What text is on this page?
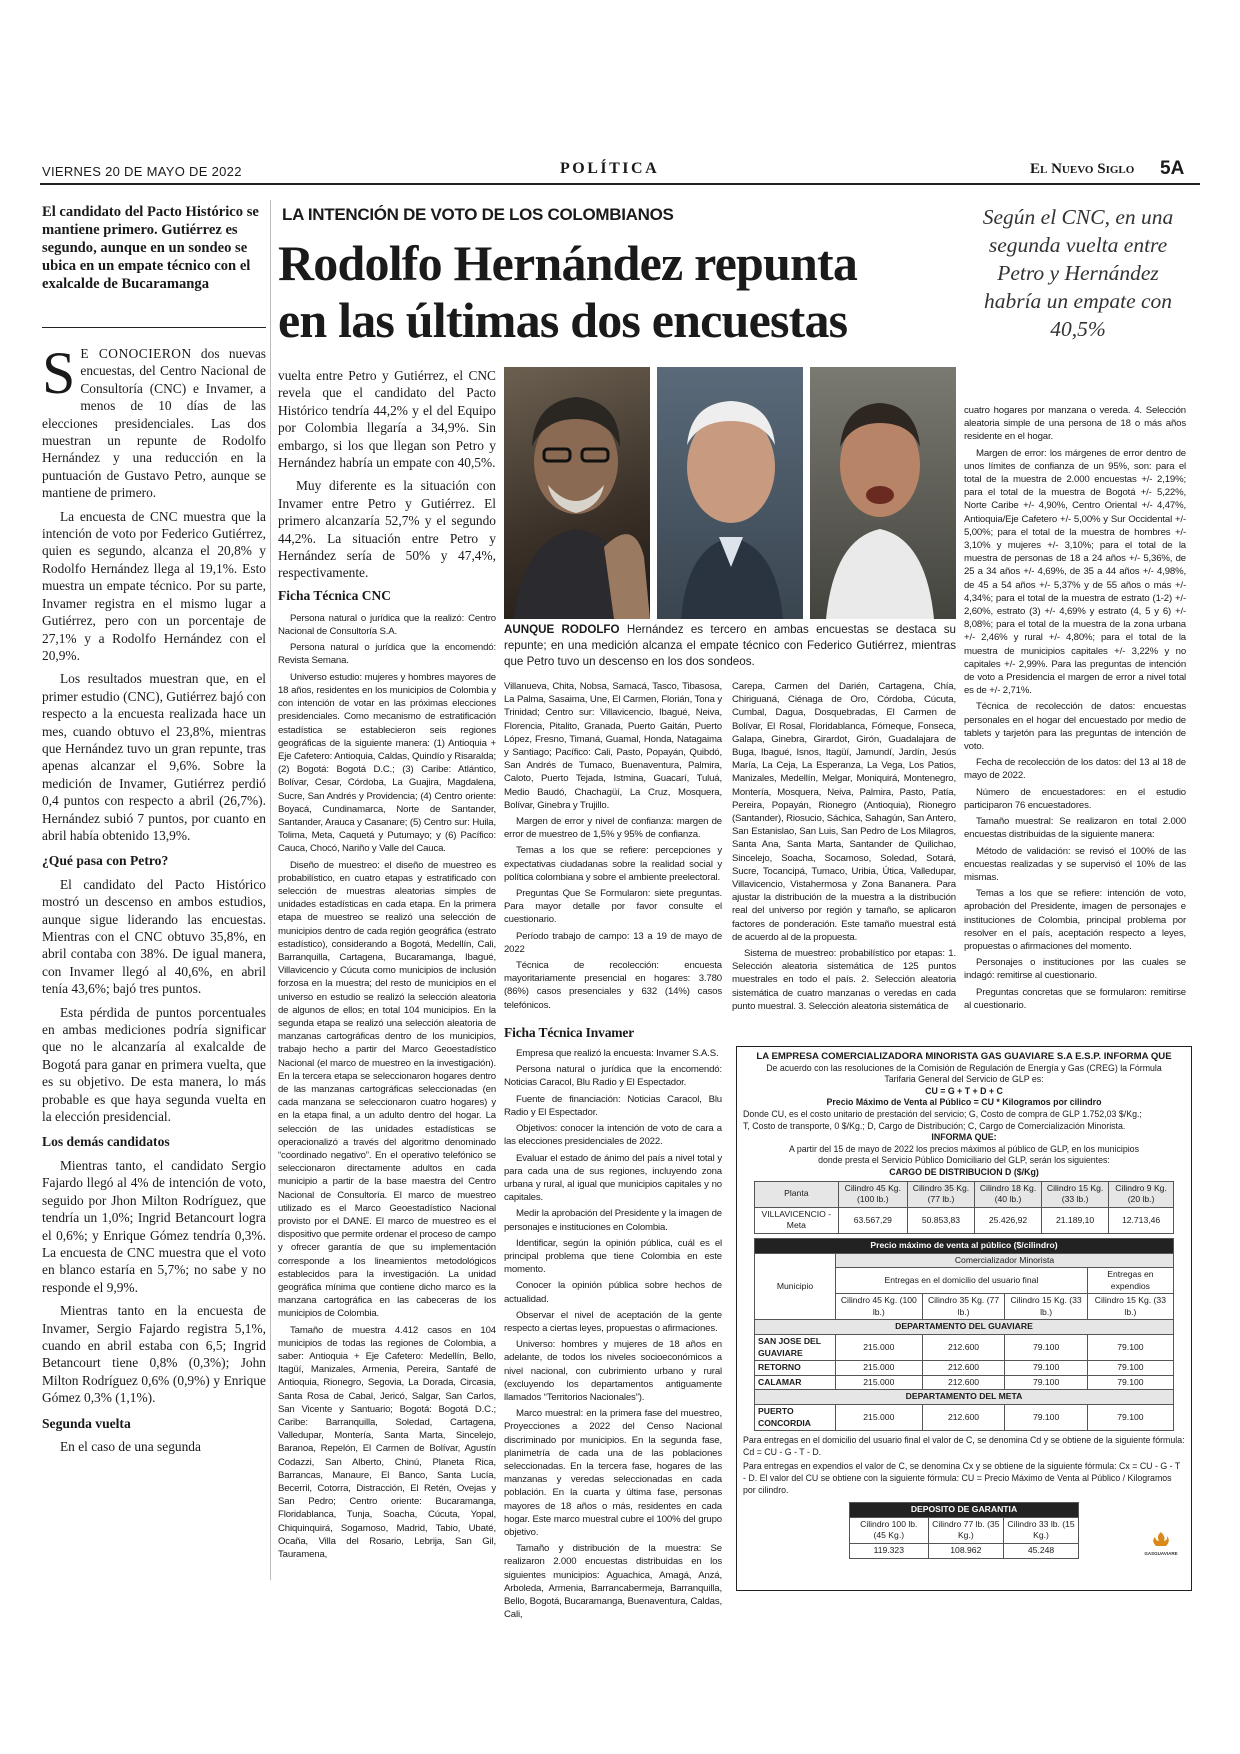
VIERNES 20 DE MAYO DE 2022	POLÍTICA	El Nuevo Siglo 5A
El candidato del Pacto Histórico se mantiene primero. Gutiérrez es segundo, aunque en un sondeo se ubica en un empate técnico con el exalcalde de Bucaramanga
LA INTENCIÓN DE VOTO DE LOS COLOMBIANOS
Rodolfo Hernández repunta
en las últimas dos encuestas
Según el CNC, en una segunda vuelta entre Petro y Hernández habría un empate con 40,5%

S E CONOCIERON dos nuevas encuestas, del Centro Nacional de Consultoría (CNC) e Invamer, a menos de 10 días de las elecciones presidenciales. Las dos muestran un repunte de Rodolfo Hernández y una reducción en la puntuación de Gustavo Petro, aunque se mantiene de primero.

La encuesta de CNC muestra que la intención de voto por Federico Gutiérrez, quien es segundo, alcanza el 20,8% y Rodolfo Hernández llega al 19,1%. Esto muestra un empate técnico. Por su parte, Invamer registra en el mismo lugar a Gutiérrez, pero con un porcentaje de 27,1% y a Rodolfo Hernández con el 20,9%.

Los resultados muestran que, en el primer estudio (CNC), Gutiérrez bajó con respecto a la encuesta realizada hace un mes, cuando obtuvo el 23,8%, mientras que Hernández tuvo un gran repunte, tras apenas alcanzar el 9,6%. Sobre la medición de Invamer, Gutiérrez perdió 0,4 puntos con respecto a abril (26,7%). Hernández subió 7 puntos, por cuanto en abril había obtenido 13,9%.

¿Qué pasa con Petro?

El candidato del Pacto Histórico mostró un descenso en ambos estudios, aunque sigue liderando las encuestas. Mientras con el CNC obtuvo 35,8%, en abril contaba con 38%. De igual manera, con Invamer llegó al 40,6%, en abril tenía 43,6%; bajó tres puntos.

Esta pérdida de puntos porcentuales en ambas mediciones podría significar que no le alcanzaría al exalcalde de Bogotá para ganar en primera vuelta, que es su objetivo. De esta manera, lo más probable es que haya segunda vuelta en la elección presidencial.

Los demás candidatos

Mientras tanto, el candidato Sergio Fajardo llegó al 4% de intención de voto, seguido por Jhon Milton Rodríguez, que tendría un 1,0%; Ingrid Betancourt logra el 0,6%; y Enrique Gómez tendría 0,3%. La encuesta de CNC muestra que el voto en blanco estaría en 5,7%; no sabe y no responde el 9,9%.

Mientras tanto en la encuesta de Invamer, Sergio Fajardo registra 5,1%, cuando en abril estaba con 6,5; Ingrid Betancourt tiene 0,8% (0,3%); John Milton Rodríguez 0,6% (0,9%) y Enrique Gómez 0,3% (1,1%).

Segunda vuelta

En el caso de una segunda

vuelta entre Petro y Gutiérrez, el CNC revela que el candidato del Pacto Histórico tendría 44,2% y el del Equipo por Colombia llegaría a 34,9%. Sin embargo, si los que llegan son Petro y Hernández habría un empate con 40,5%.

Muy diferente es la situación con Invamer entre Petro y Gutiérrez. El primero alcanzaría 52,7% y el segundo 44,2%. La situación entre Petro y Hernández sería de 50% y 47,4%, respectivamente.

Ficha Técnica CNC

Persona natural o jurídica que la realizó: Centro Nacional de Consultoría S.A.

Persona natural o jurídica que la encomendó: Revista Semana.

Universo estudio: mujeres y hombres mayores de 18 años, residentes en los municipios de Colombia y con intención de votar en las próximas elecciones presidenciales. Como mecanismo de estratificación estadística se establecieron seis regiones geográficas de la siguiente manera: (1) Antioquia + Eje Cafetero: Antioquia, Caldas, Quindío y Risaralda; (2) Bogotá: Bogotá D.C.; (3) Caribe: Atlántico, Bolívar, Cesar, Córdoba, La Guajira, Magdalena, Sucre, San Andrés y Providencia; (4) Centro oriente: Boyacá, Cundinamarca, Norte de Santander, Santander, Arauca y Casanare; (5) Centro sur: Huila, Tolima, Meta, Caquetá y Putumayo; y (6) Pacífico: Cauca, Chocó, Nariño y Valle del Cauca.

Diseño de muestreo: el diseño de muestreo es probabilístico, en cuatro etapas y estratificado con selección de muestras aleatorias simples de unidades estadísticas en cada etapa. En la primera etapa de muestreo se realizó una selección de municipios dentro de cada región geográfica (estrato estadístico), considerando a Bogotá, Medellín, Cali, Barranquilla, Cartagena, Bucaramanga, Ibagué, Villavicencio y Cúcuta como municipios de inclusión forzosa en la muestra; del resto de municipios en el universo en estudio se realizó la selección aleatoria de algunos de ellos; en total 104 municipios. En la segunda etapa se realizó una selección aleatoria de manzanas cartográficas dentro de los municipios, trabajo hecho a partir del Marco Geoestadístico Nacional (el marco de muestreo en la investigación). En la tercera etapa se seleccionaron hogares dentro de las manzanas cartográficas seleccionadas (en cada manzana se seleccionaron cuatro hogares) y en la etapa final, a un adulto dentro del hogar. La selección de las unidades estadísticas se operacionalizó a través del algoritmo denominado “coordinado negativo”. En el operativo telefónico se seleccionaron directamente adultos en cada municipio a partir de la base maestra del Centro Nacional de Consultoría. El marco de muestreo utilizado es el Marco Geoestadístico Nacional provisto por el DANE. El marco de muestreo es el dispositivo que permite ordenar el proceso de campo y ofrecer garantía de que su implementación corresponde a los lineamientos metodológicos establecidos para la investigación. La unidad geográfica mínima que contiene dicho marco es la manzana cartográfica en las cabeceras de los municipios de Colombia.

Tamaño de muestra 4.412 casos en 104 municipios de todas las regiones de Colombia, a saber: Antioquia + Eje Cafetero: Medellín, Bello, Itagüí, Manizales, Armenia, Pereira, Santafé de Antioquia, Rionegro, Segovia, La Dorada, Circasia, Santa Rosa de Cabal, Jericó, Salgar, San Carlos, San Vicente y Santuario; Bogotá: Bogotá D.C.; Caribe: Barranquilla, Soledad, Cartagena, Valledupar, Montería, Santa Marta, Sincelejo, Baranoa, Repelón, El Carmen de Bolívar, Agustín Codazzi, San Alberto, Chinú, Planeta Rica, Barrancas, Manaure, El Banco, Santa Lucía, Becerril, Cotorra, Distracción, El Retén, Ovejas y San Pedro; Centro oriente: Bucaramanga, Floridablanca, Tunja, Soacha, Cúcuta, Yopal, Chiquinquirá, Sogamoso, Madrid, Tabio, Ubaté, Ocaña, Villa del Rosario, Lebrija, San Gil, Tauramena,

AUNQUE RODOLFO Hernández es tercero en ambas encuestas se destaca su repunte; en una medición alcanza el empate técnico con Federico Gutiérrez, mientras que Petro tuvo un descenso en los dos sondeos.

Villanueva, Chita, Nobsa, Samacá, Tasco, Tibasosa, La Palma, Sasaima, Une, El Carmen, Florián, Tona y Trinidad; Centro sur: Villavicencio, Ibagué, Neiva, Florencia, Pitalito, Granada, Puerto Gaitán, Puerto López, Fresno, Timaná, Guamal, Honda, Natagaima y Santiago; Pacífico: Cali, Pasto, Popayán, Quibdó, San Andrés de Tumaco, Buenaventura, Palmira, Caloto, Puerto Tejada, Istmina, Guacarí, Tuluá, Medio Baudó, Chachagüí, La Cruz, Mosquera, Bolívar, Ginebra y Trujillo.

Margen de error y nivel de confianza: margen de error de muestreo de 1,5% y 95% de confianza.

Temas a los que se refiere: percepciones y expectativas ciudadanas sobre la realidad social y política colombiana y sobre el ambiente preelectoral.

Preguntas Que Se Formularon: siete preguntas. Para mayor detalle por favor consulte el cuestionario.

Período trabajo de campo: 13 a 19 de mayo de 2022

Técnica de recolección: encuesta mayoritariamente presencial en hogares: 3.780 (86%) casos presenciales y 632 (14%) casos telefónicos.

Ficha Técnica Invamer

Empresa que realizó la encuesta: Invamer S.A.S.

Persona natural o jurídica que la encomendó: Noticias Caracol, Blu Radio y El Espectador.

Fuente de financiación: Noticias Caracol, Blu Radio y El Espectador.

Objetivos: conocer la intención de voto de cara a las elecciones presidenciales de 2022.

Evaluar el estado de ánimo del país a nivel total y para cada una de sus regiones, incluyendo zona urbana y rural, al igual que municipios capitales y no capitales.

Medir la aprobación del Presidente y la imagen de personajes e instituciones en Colombia.

Identificar, según la opinión pública, cuál es el principal problema que tiene Colombia en este momento.

Conocer la opinión pública sobre hechos de actualidad.

Observar el nivel de aceptación de la gente respecto a ciertas leyes, propuestas o afirmaciones.

Universo: hombres y mujeres de 18 años en adelante, de todos los niveles socioeconómicos a nivel nacional, con cubrimiento urbano y rural (excluyendo los departamentos antiguamente llamados “Territorios Nacionales”).

Marco muestral: en la primera fase del muestreo, Proyecciones a 2022 del Censo Nacional discriminado por municipios. En la segunda fase, planimetría de cada una de las poblaciones seleccionadas. En la tercera fase, hogares de las manzanas y veredas seleccionadas en cada población. En la cuarta y última fase, personas mayores de 18 años o más, residentes en cada hogar. Este marco muestral cubre el 100% del grupo objetivo.

Tamaño y distribución de la muestra: Se realizaron 2.000 encuestas distribuidas en los siguientes municipios: Aguachica, Amagá, Anzá, Arboleda, Armenia, Barrancabermeja, Barranquilla, Bello, Bogotá, Bucaramanga, Buenaventura, Caldas, Cali,

Carepa, Carmen del Darién, Cartagena, Chía, Chiriguaná, Ciénaga de Oro, Córdoba, Cúcuta, Cumbal, Dagua, Dosquebradas, El Carmen de Bolívar, El Rosal, Floridablanca, Fómeque, Fonseca, Galapa, Ginebra, Girardot, Girón, Guadalajara de Buga, Ibagué, Isnos, Itagüí, Jamundí, Jardín, Jesús María, La Ceja, La Esperanza, La Vega, Los Patios, Manizales, Medellín, Melgar, Moniquirá, Montenegro, Montería, Mosquera, Neiva, Palmira, Pasto, Patía, Pereira, Popayán, Rionegro (Antioquia), Rionegro (Santander), Riosucio, Sáchica, Sahagún, San Antero, San Estanislao, San Luis, San Pedro de Los Milagros, Santa Ana, Santa Marta, Santander de Quilichao, Sincelejo, Soacha, Socamoso, Soledad, Sotará, Sucre, Tocancipá, Tumaco, Uribia, Útica, Valledupar, Villavicencio, Vistahermosa y Zona Bananera. Para ajustar la distribución de la muestra a la distribución real del universo por región y tamaño, se aplicaron factores de ponderación. Este tamaño muestral está de acuerdo al de la propuesta.

Sistema de muestreo: probabilístico por etapas: 1. Selección aleatoria sistemática de 125 puntos muestrales en todo el país. 2. Selección aleatoria sistemática de cuatro manzanas o veredas en cada punto muestral. 3. Selección aleatoria sistemática de

cuatro hogares por manzana o vereda. 4. Selección aleatoria simple de una persona de 18 o más años residente en el hogar.

Margen de error: los márgenes de error dentro de unos límites de confianza de un 95%, son: para el total de la muestra de 2.000 encuestas +/- 2,19%; para el total de la muestra de Bogotá +/- 5,22%, Norte Caribe +/- 4,90%, Centro Oriental +/- 4,47%, Antioquia/Eje Cafetero +/- 5,00% y Sur Occidental +/- 5,00%; para el total de la muestra de hombres +/- 3,10% y mujeres +/- 3,10%; para el total de la muestra de personas de 18 a 24 años +/- 5,36%, de 25 a 34 años +/- 4,69%, de 35 a 44 años +/- 4,98%, de 45 a 54 años +/- 5,37% y de 55 años o más +/- 4,34%; para el total de la muestra de estrato (1-2) +/- 2,60%, estrato (3) +/- 4,69% y estrato (4, 5 y 6) +/- 8,08%; para el total de la muestra de la zona urbana +/- 2,46% y rural +/- 4,80%; para el total de la muestra de municipios capitales +/- 3,22% y no capitales +/- 2,99%. Para las preguntas de intención de voto a Presidencia el margen de error a nivel total es de +/- 2,71%.

Técnica de recolección de datos: encuestas personales en el hogar del encuestado por medio de tablets y tarjetón para las preguntas de intención de voto.

Fecha de recolección de los datos: del 13 al 18 de mayo de 2022.

Número de encuestadores: en el estudio participaron 76 encuestadores.

Tamaño muestral: Se realizaron en total 2.000 encuestas distribuidas de la siguiente manera:

Método de validación: se revisó el 100% de las encuestas realizadas y se supervisó el 10% de las mismas.

Temas a los que se refiere: intención de voto, aprobación del Presidente, imagen de personajes e instituciones de Colombia, principal problema por resolver en el país, aceptación respecto a leyes, propuestas o afirmaciones del momento.

Personajes o instituciones por las cuales se indagó: remitirse al cuestionario.

Preguntas concretas que se formularon: remitirse al cuestionario.

LA EMPRESA COMERCIALIZADORA MINORISTA GAS GUAVIARE S.A E.S.P. INFORMA QUE

De acuerdo con las resoluciones de la Comisión de Regulación de Energía y Gas (CREG) la Fórmula

Tarifaria General del Servicio de GLP es:

CU = G + T + D + C

Precio Máximo de Venta al Público = CU * Kilogramos por cilindro

Donde CU, es el costo unitario de prestación del servicio; G, Costo de compra de GLP 1.752,03 $/Kg.;

T, Costo de transporte, 0 $/Kg.; D, Cargo de Distribución; C, Cargo de Comercialización Minorista.

INFORMA QUE:

A partir del 15 de mayo de 2022 los precios máximos al público de GLP, en los municipios

donde presta el Servicio Público Domiciliario del GLP, serán los siguientes:

CARGO DE DISTRIBUCION D ($/Kg)

Planta	Cilindro 45 Kg. (100 lb.)	Cilindro 35 Kg. (77 lb.)	Cilindro 18 Kg. (40 lb.)	Cilindro 15 Kg. (33 lb.)	Cilindro 9 Kg. (20 lb.)
VILLAVICENCIO - Meta	63.567,29	50.853,83	25.426,92	21.189,10	12.713,46
Precio máximo de venta al público ($/cilindro)				
Municipio	Comercializador Minorista			
	Entregas en el domicilio del usuario final			Entregas en expendios
	Cilindro 45 Kg. (100 lb.)	Cilindro 35 Kg. (77 lb.)	Cilindro 15 Kg. (33 lb.)	Cilindro 15 Kg. (33 lb.)
DEPARTAMENTO DEL GUAVIARE				
SAN JOSE DEL GUAVIARE	215.000	212.600	79.100	79.100
RETORNO	215.000	212.600	79.100	79.100
CALAMAR	215.000	212.600	79.100	79.100
DEPARTAMENTO DEL META				
PUERTO CONCORDIA	215.000	212.600	79.100	79.100

Para entregas en el domicilio del usuario final el valor de C, se denomina Cd y se obtiene de la siguiente fórmula: Cd = CU - G - T - D.

Para entregas en expendios el valor de C, se denomina Cx y se obtiene de la siguiente fórmula: Cx = CU - G - T - D. El valor del CU se obtiene con la siguiente fórmula: CU = Precio Máximo de Venta al Público / Kilogramos por cilindro.

DEPOSITO DE GARANTIA		
Cilindro 100 lb. (45 Kg.)	Cilindro 77 lb. (35 Kg.)	Cilindro 33 lb. (15 Kg.)
119.323	108.962	45.248	GASGUAVIARE
